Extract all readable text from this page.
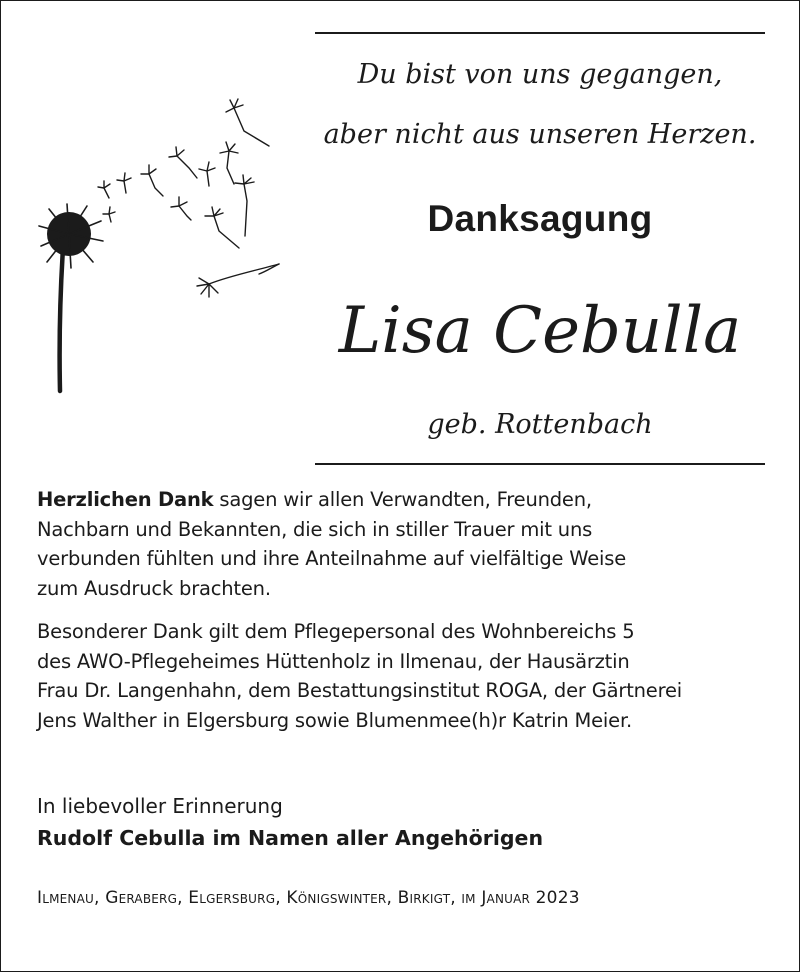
Du bist von uns gegangen,
aber nicht aus unseren Herzen.
Danksagung
Lisa Cebulla
geb. Rottenbach

Herzlichen Dank sagen wir allen Verwandten, Freunden,
Nachbarn und Bekannten, die sich in stiller Trauer mit uns
verbunden fühlten und ihre Anteilnahme auf vielfältige Weise
zum Ausdruck brachten.

Besonderer Dank gilt dem Pflegepersonal des Wohnbereichs 5
des AWO-Pflegeheimes Hüttenholz in Ilmenau, der Hausärztin
Frau Dr. Langenhahn, dem Bestattungsinstitut ROGA, der Gärtnerei
Jens Walther in Elgersburg sowie Blumenmee(h)r Katrin Meier.

In liebevoller Erinnerung
Rudolf Cebulla im Namen aller Angehörigen
Ilmenau, Geraberg, Elgersburg, Königswinter, Birkigt, im Januar 2023
